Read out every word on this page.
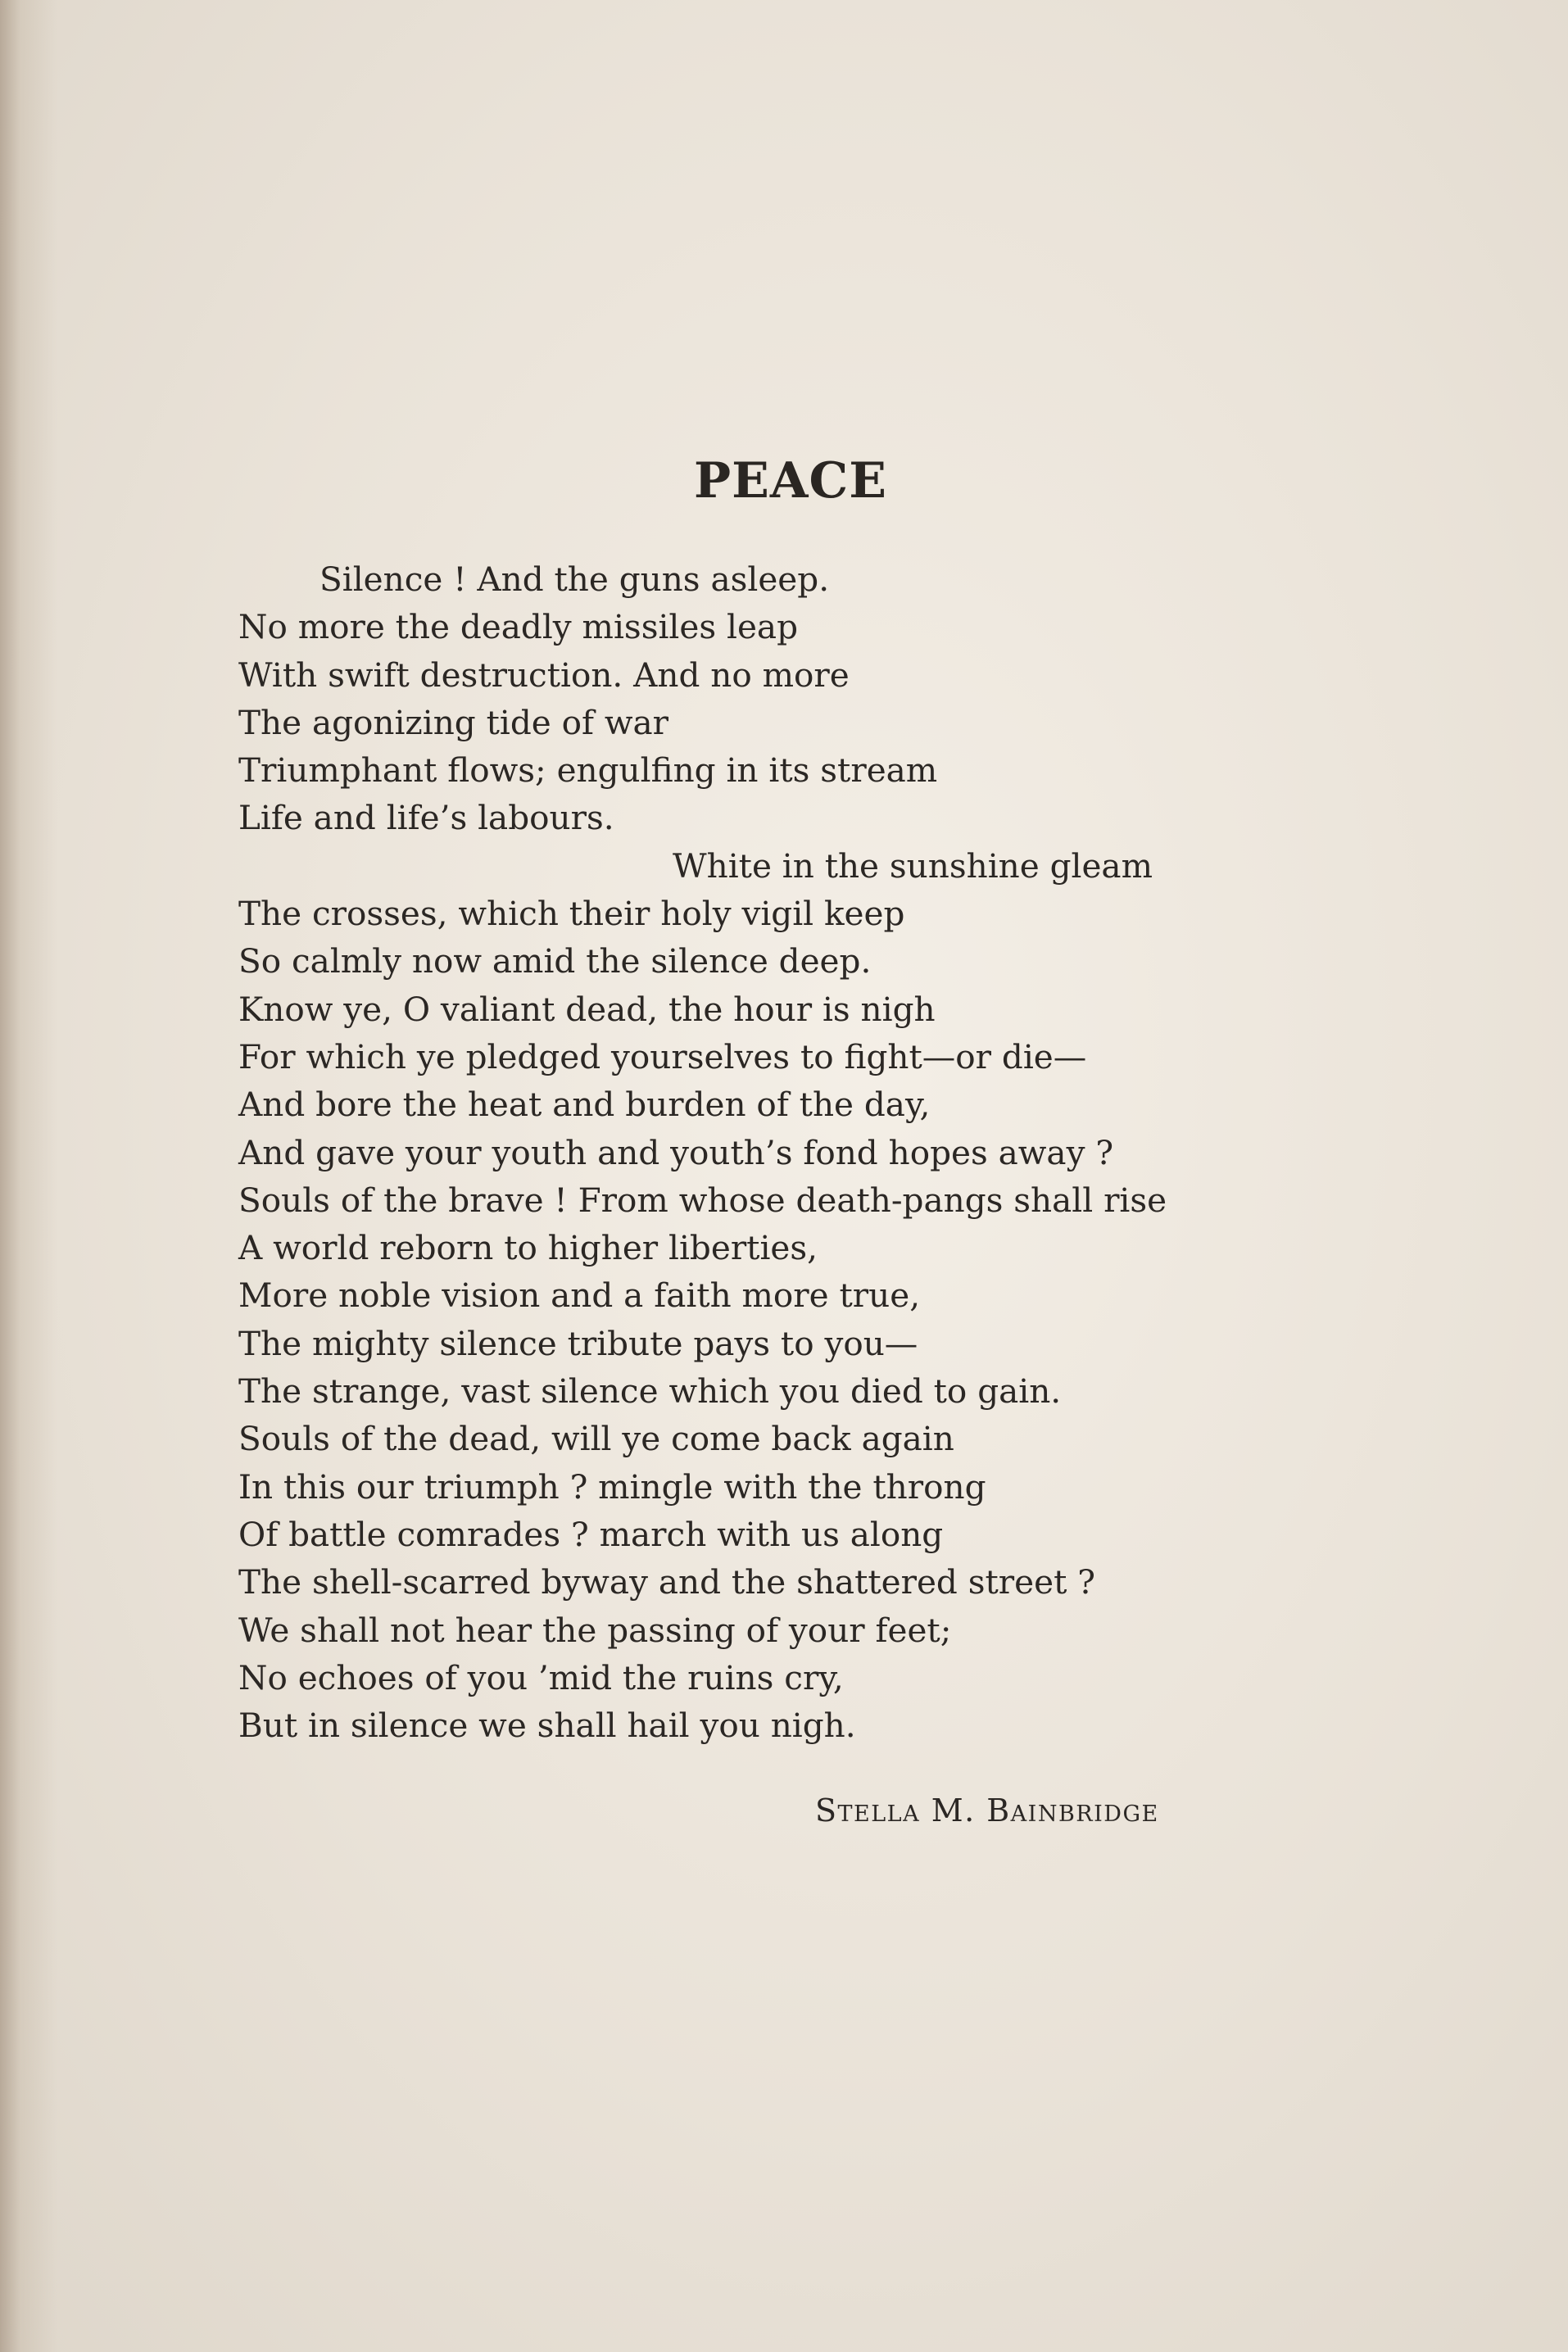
PEACE
Silence ! And the guns asleep.
No more the deadly missiles leap
With swift destruction. And no more
The agonizing tide of war
Triumphant flows; engulfing in its stream
Life and life’s labours.
White in the sunshine gleam
The crosses, which their holy vigil keep
So calmly now amid the silence deep.
Know ye, O valiant dead, the hour is nigh
For which ye pledged yourselves to fight—or die—
And bore the heat and burden of the day,
And gave your youth and youth’s fond hopes away ?
Souls of the brave ! From whose death-pangs shall rise
A world reborn to higher liberties,
More noble vision and a faith more true,
The mighty silence tribute pays to you—
The strange, vast silence which you died to gain.
Souls of the dead, will ye come back again
In this our triumph ? mingle with the throng
Of battle comrades ? march with us along
The shell-scarred byway and the shattered street ?
We shall not hear the passing of your feet;
No echoes of you ’mid the ruins cry,
But in silence we shall hail you nigh.
Stella M. Bainbridge
